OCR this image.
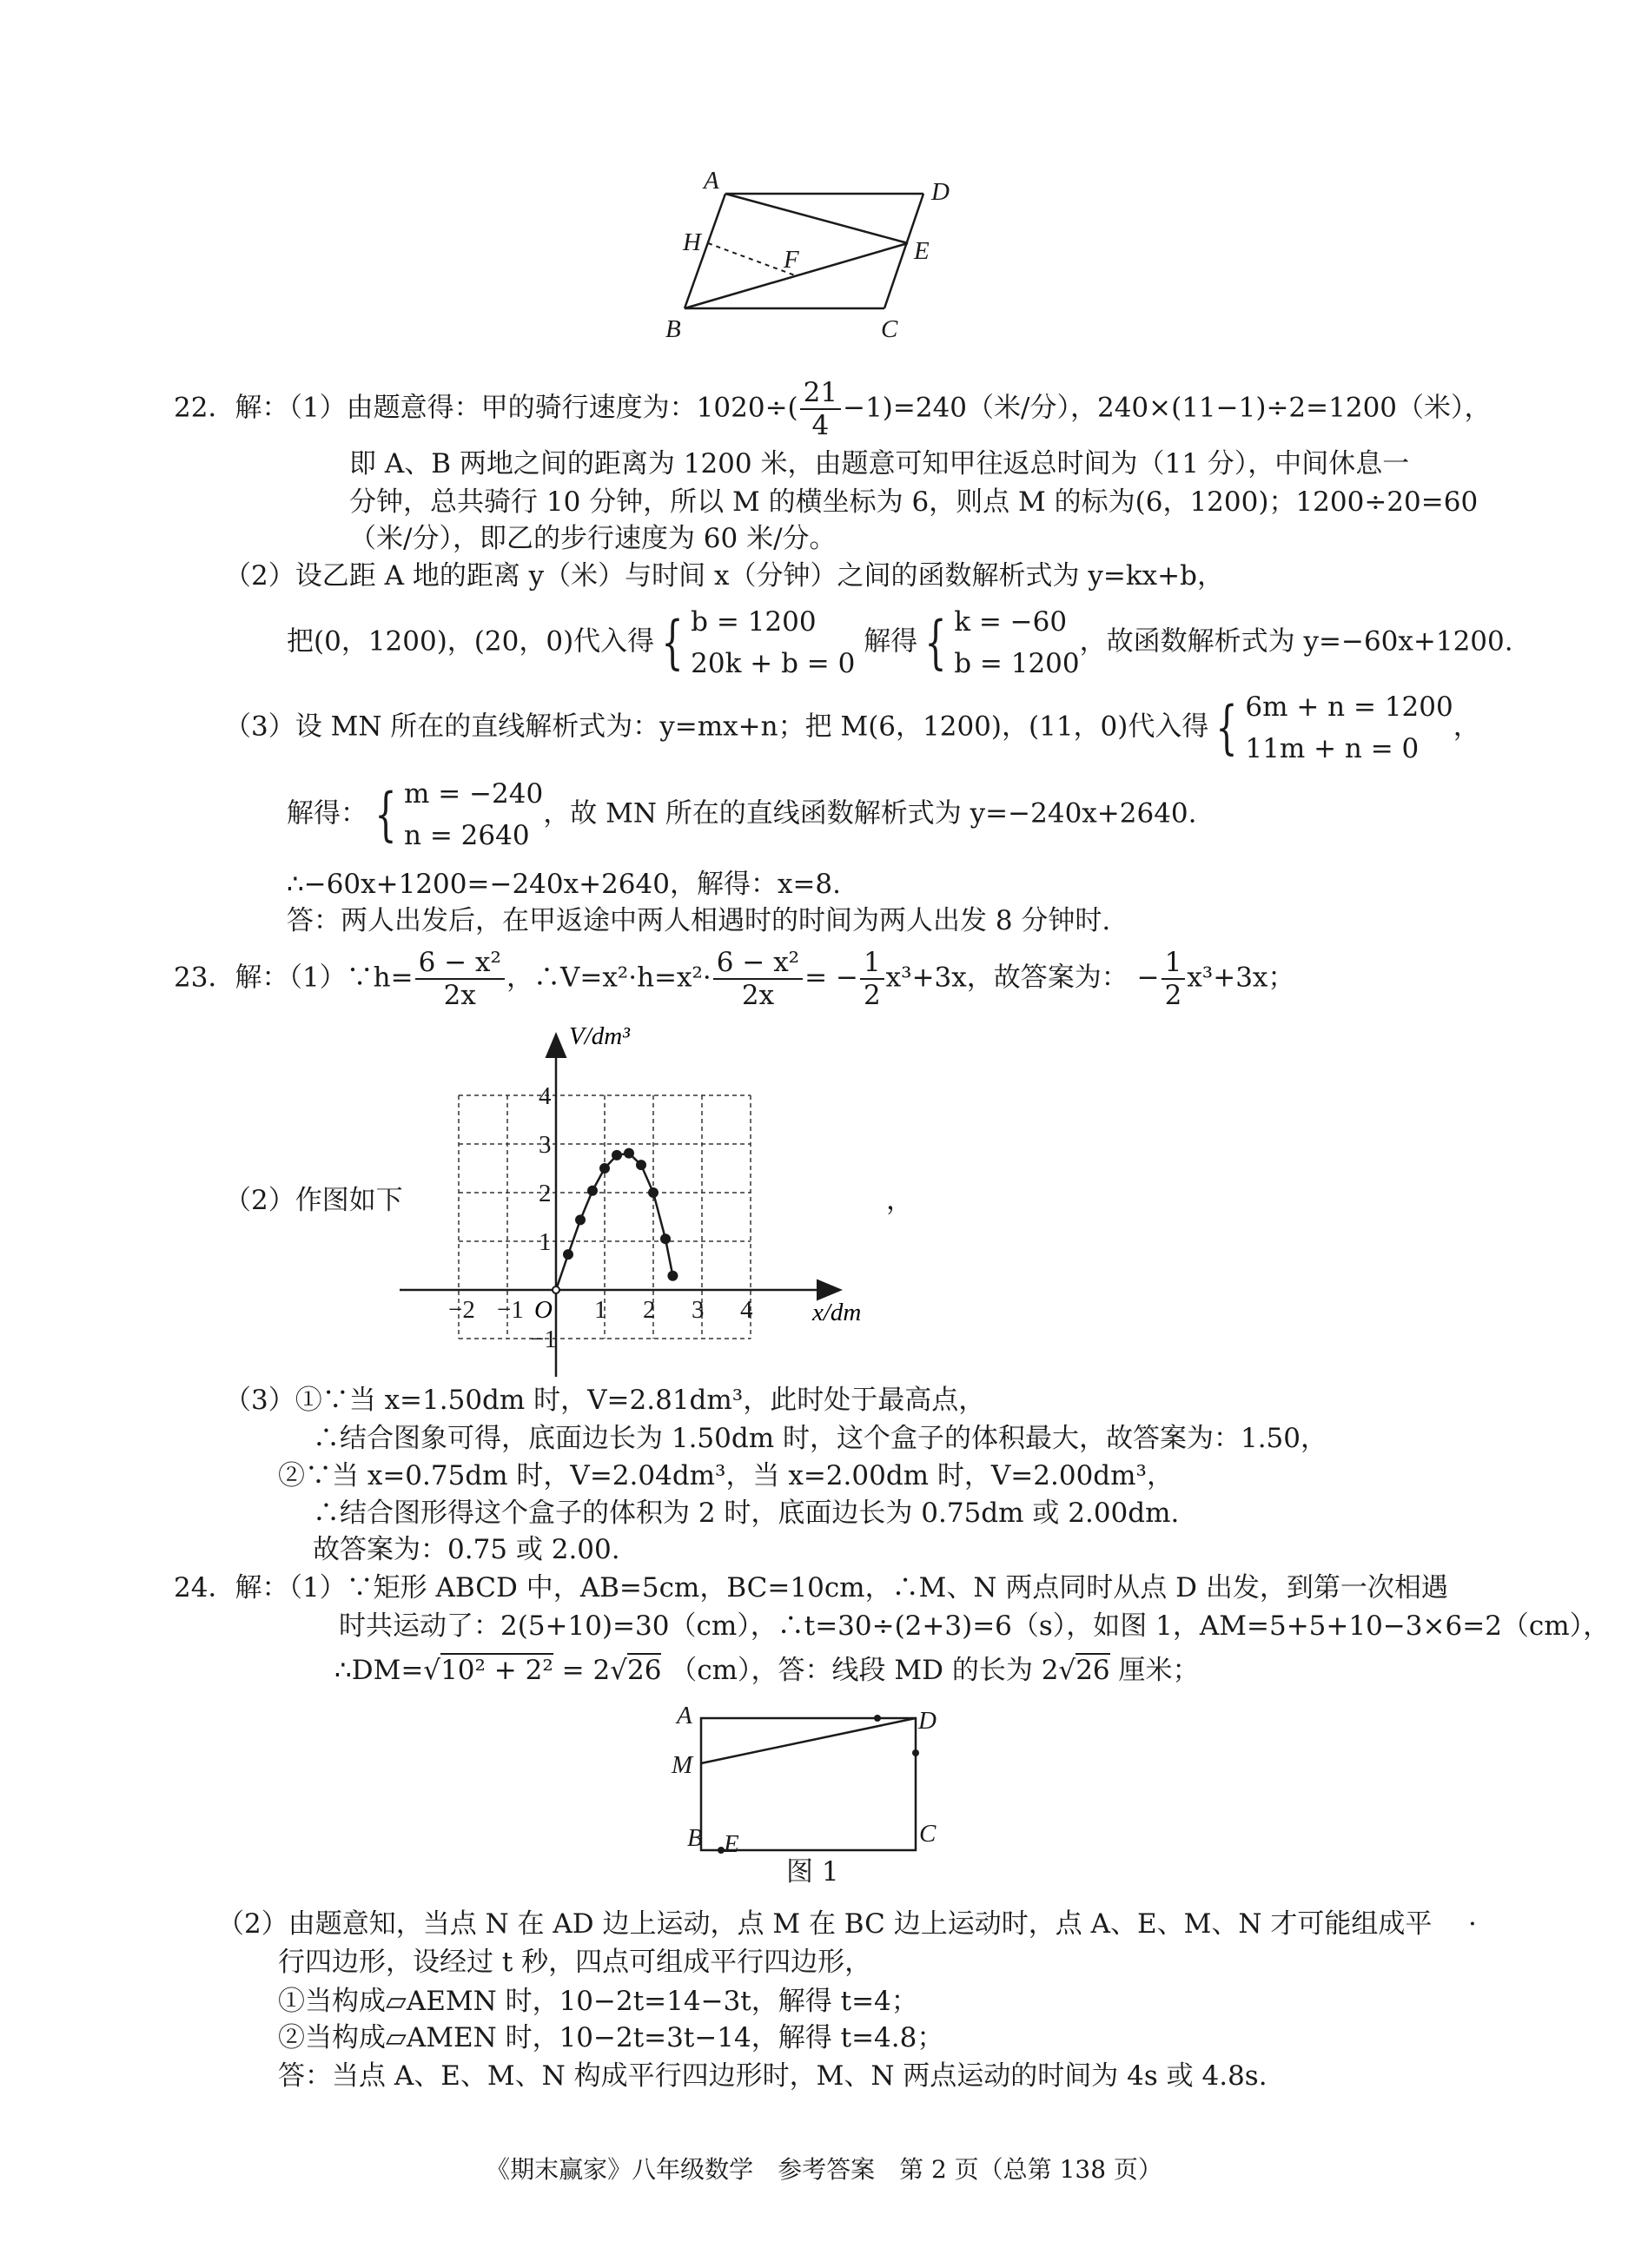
A	D
H
F	E
B	C
22．解：（1）由题意得：甲的骑行速度为：$1020\div( \frac{21}{4} -1)=240$（米/分），240×(11−1)÷2=1200（米），
即 A、B 两地之间的距离为 1200 米，由题意可知甲往返总时间为（11 分），中间休息一
分钟，总共骑行 10 分钟，所以 M 的横坐标为 6，则点 M 的标为(6，1200)；1200÷20=60
（米/分），即乙的步行速度为 60 米/分。
（2）设乙距 A 地的距离 y（米）与时间 x（分钟）之间的函数解析式为 y=kx+b，
把(0，1200)，(20，0)代入得 { b = 1200
20k + b = 0
解得 { k = −60
b = 1200
，故函数解析式为 y=−60x+1200.
（3）设 MN 所在的直线解析式为：y=mx+n；把 M(6，1200)，(11，0)代入得 { 6m + n = 1200
11m + n = 0
，
解得： { m = −240
n = 2640
，故 MN 所在的直线函数解析式为 y=−240x+2640.
∴−60x+1200=−240x+2640，解得：x=8.
答：两人出发后，在甲返途中两人相遇时的时间为两人出发 8 分钟时.
23．解：（1）∵h= $\frac{\text{6 − x²}}{2x}$ ，∴V=x²·h=x²· $\frac{\text{6 − x²}}{2x}$ = − $\frac{1}{2} x^3+3x$，故答案为： − $\frac{1}{2} x^3+3x$；
（2）作图如下	，
−2 −1	1 2 3 4
4
3
2
1
−1
V/dm³
x/dm
O
（3）①∵当 x=1.50dm 时，V=2.81dm³，此时处于最高点，
∴结合图象可得，底面边长为 1.50dm 时，这个盒子的体积最大，故答案为：1.50，
②∵当 x=0.75dm 时，V=2.04dm³，当 x=2.00dm 时，V=2.00dm³，
∴结合图形得这个盒子的体积为 2 时，底面边长为 0.75dm 或 2.00dm.
故答案为：0.75 或 2.00.
24．解：（1）∵矩形 ABCD 中，AB=5cm，BC=10cm，∴M、N 两点同时从点 D 出发，到第一次相遇
时共运动了：2(5+10)=30（cm），∴t=30÷(2+3)=6（s），如图 1，AM=5+5+10−3×6=2（cm），
∴DM=√10² + 2² = 2√26 （cm），答：线段 MD 的长为 2√26 厘米；
A	D
M
B E	C
图 1
（2）由题意知，当点 N 在 AD 边上运动，点 M 在 BC 边上运动时，点 A、E、M、N 才可能组成平 ·
行四边形，设经过 t 秒，四点可组成平行四边形，
①当构成▱AEMN 时，10−2t=14−3t，解得 t=4；
②当构成▱AMEN 时，10−2t=3t−14，解得 t=4.8；
答：当点 A、E、M、N 构成平行四边形时，M、N 两点运动的时间为 4s 或 4.8s.
《期末赢家》八年级数学　参考答案　第 2 页（总第 138 页）
